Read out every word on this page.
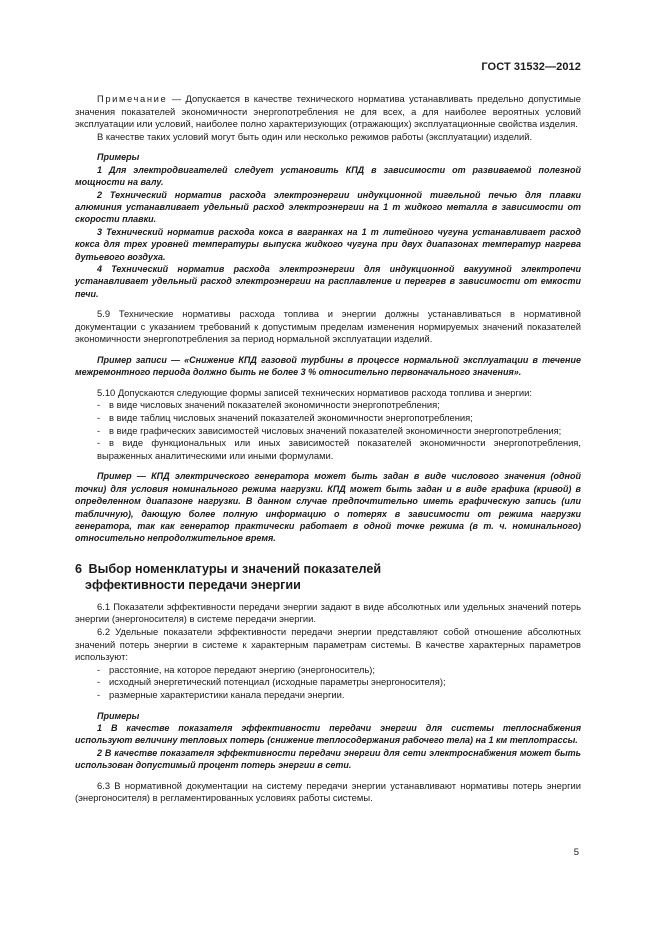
ГОСТ 31532—2012

Примечание — Допускается в качестве технического норматива устанавливать предельно допустимые значения показателей экономичности энергопотребления не для всех, а для наиболее вероятных условий эксплуатации или условий, наиболее полно характеризующих (отражающих) эксплуатационные свойства изделия.

В качестве таких условий могут быть один или несколько режимов работы (эксплуатации) изделий.

Примеры

1 Для электродвигателей следует установить КПД в зависимости от развиваемой полезной мощности на валу.

2 Технический норматив расхода электроэнергии индукционной тигельной печью для плавки алюминия устанавливает удельный расход электроэнергии на 1 т жидкого металла в зависимости от скорости плавки.

3 Технический норматив расхода кокса в вагранках на 1 т литейного чугуна устанавливает расход кокса для трех уровней температуры выпуска жидкого чугуна при двух диапазонах температур нагрева дутьевого воздуха.

4 Технический норматив расхода электроэнергии для индукционной вакуумной электропечи устанавливает удельный расход электроэнергии на расплавление и перегрев в зависимости от емкости печи.

5.9 Технические нормативы расхода топлива и энергии должны устанавливаться в нормативной документации с указанием требований к допустимым пределам изменения нормируемых значений показателей экономичности энергопотребления за период нормальной эксплуатации изделий.

Пример записи — «Снижение КПД газовой турбины в процессе нормальной эксплуатации в течение межремонтного периода должно быть не более 3 % относительно первоначального значения».

5.10 Допускаются следующие формы записей технических нормативов расхода топлива и энергии:

- в виде числовых значений показателей экономичности энергопотребления;

- в виде таблиц числовых значений показателей экономичности энергопотребления;

- в виде графических зависимостей числовых значений показателей экономичности энергопотребления;

- в виде функциональных или иных зависимостей показателей экономичности энергопотребления, выраженных аналитическими или иными формулами.

Пример — КПД электрического генератора может быть задан в виде числового значения (одной точки) для условия номинального режима нагрузки. КПД может быть задан и в виде графика (кривой) в определенном диапазоне нагрузки. В данном случае предпочтительно иметь графическую запись (или табличную), дающую более полную информацию о потерях в зависимости от режима нагрузки генератора, так как генератор практически работает в одной точке режима (в т. ч. номинального) относительно непродолжительное время.

6 Выбор номенклатуры и значений показателей
эффективности передачи энергии

6.1 Показатели эффективности передачи энергии задают в виде абсолютных или удельных значений потерь энергии (энергоносителя) в системе передачи энергии.

6.2 Удельные показатели эффективности передачи энергии представляют собой отношение абсолютных значений потерь энергии в системе к характерным параметрам системы. В качестве характерных параметров используют:

- расстояние, на которое передают энергию (энергоноситель);

- исходный энергетический потенциал (исходные параметры энергоносителя);

- размерные характеристики канала передачи энергии.

Примеры

1 В качестве показателя эффективности передачи энергии для системы теплоснабжения используют величину тепловых потерь (снижение теплосодержания рабочего тела) на 1 км теплотрассы.

2 В качестве показателя эффективности передачи энергии для сети электроснабжения может быть использован допустимый процент потерь энергии в сети.

6.3 В нормативной документации на систему передачи энергии устанавливают нормативы потерь энергии (энергоносителя) в регламентированных условиях работы системы.

5
